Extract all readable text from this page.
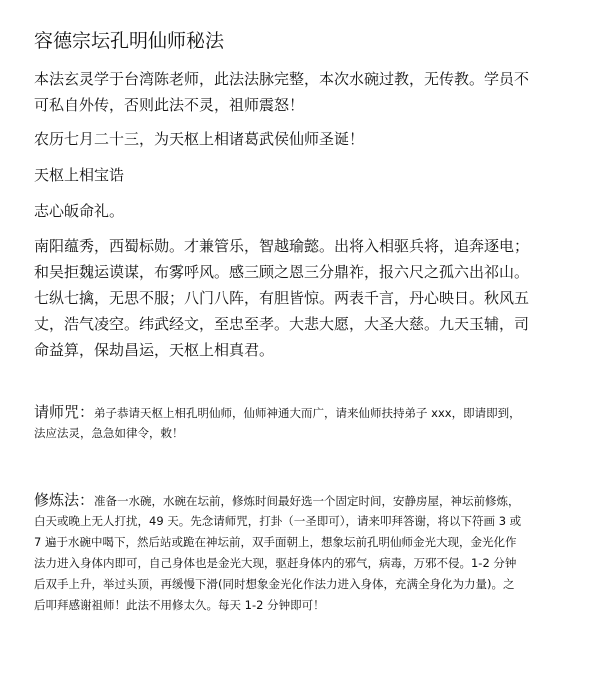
容德宗坛孔明仙师秘法
本法玄灵学于台湾陈老师，此法法脉完整，本次水碗过教，无传教。学员不
可私自外传，否则此法不灵，祖师震怒！
农历七月二十三，为天枢上相诸葛武侯仙师圣诞！
天枢上相宝诰
志心皈命礼。
南阳蕴秀，西蜀标勋。才兼管乐，智越瑜懿。出将入相驱兵将，追奔逐电；
和吴拒魏运谟谋，布雾呼风。感三顾之恩三分鼎祚，报六尺之孤六出祁山。
七纵七擒，无思不服；八门八阵，有胆皆惊。两表千言，丹心映日。秋风五
丈，浩气凌空。纬武经文，至忠至孝。大悲大愿，大圣大慈。九天玉辅，司
命益算，保劫昌运，天枢上相真君。
请师咒：弟子恭请天枢上相孔明仙师，仙师神通大而广，请来仙师扶持弟子 xxx，即请即到，
法应法灵，急急如律令，敕！
修炼法：准备一水碗，水碗在坛前，修炼时间最好选一个固定时间，安静房屋，神坛前修炼，
白天或晚上无人打扰，49 天。先念请师咒，打卦（一圣即可），请来叩拜答谢，将以下符画 3 或
7 遍于水碗中喝下，然后站或跪在神坛前，双手面朝上，想象坛前孔明仙师金光大现，金光化作
法力进入身体内即可，自己身体也是金光大现，驱赶身体内的邪气，病毒，万邪不侵。1-2 分钟
后双手上升，举过头顶，再缓慢下滑(同时想象金光化作法力进入身体，充满全身化为力量)。之
后叩拜感谢祖师！此法不用修太久。每天 1-2 分钟即可！
